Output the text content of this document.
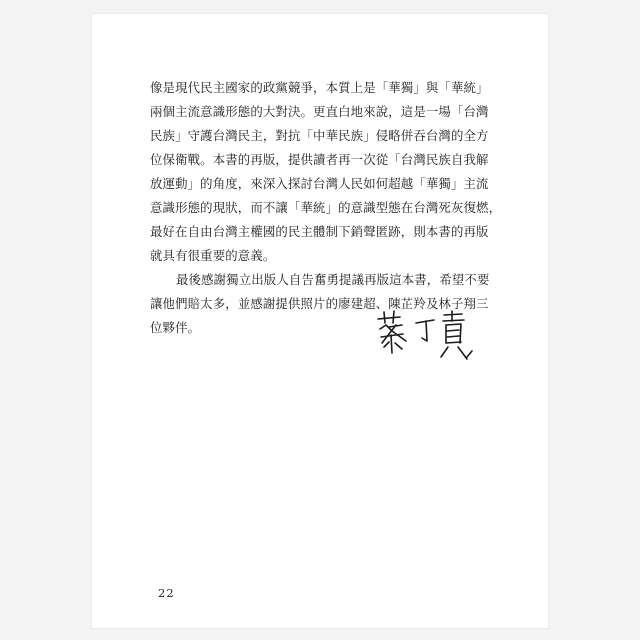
像是現代民主國家的政黨競爭，本質上是「華獨」與「華統」
兩個主流意識形態的大對決。更直白地來說，這是一場「台灣
民族」守護台灣民主，對抗「中華民族」侵略併吞台灣的全方
位保衛戰。本書的再版，提供讀者再一次從「台灣民族自我解
放運動」的角度，來深入探討台灣人民如何超越「華獨」主流
意識形態的現狀，而不讓「華統」的意識型態在台灣死灰復燃，
最好在自由台灣主權國的民主體制下銷聲匿跡，則本書的再版
就具有很重要的意義。
最後感謝獨立出版人自告奮勇提議再版這本書，希望不要
讓他們賠太多，並感謝提供照片的廖建超、陳芷羚及林子翔三
位夥伴。
22
